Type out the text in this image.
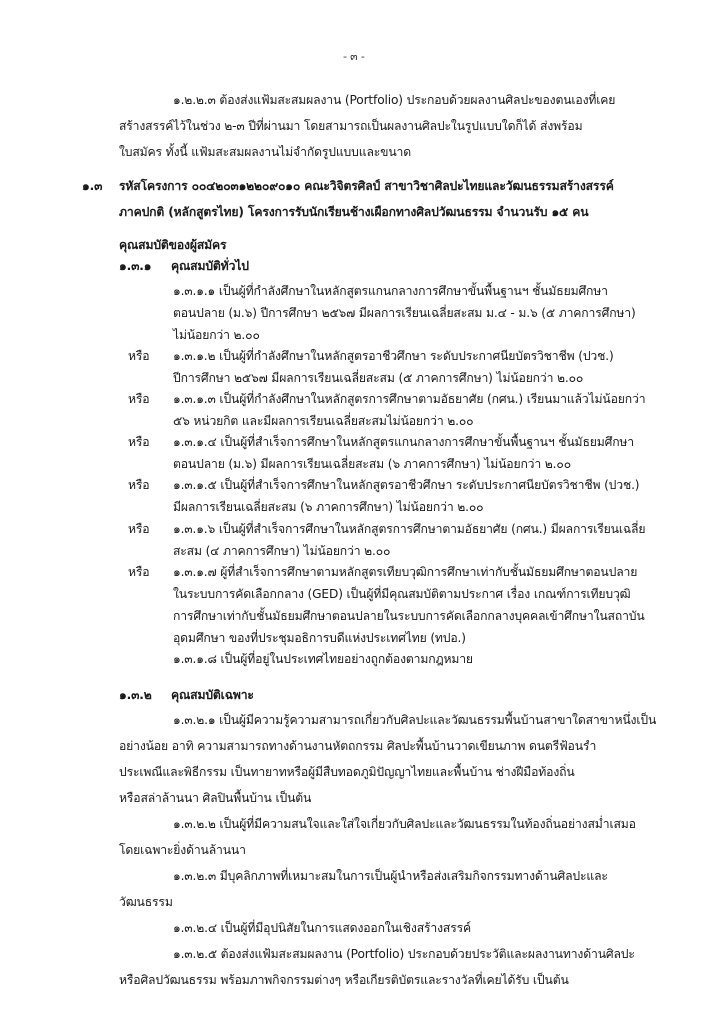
- ๓ -
๑.๒.๒.๓ ต้องส่งแฟ้มสะสมผลงาน (Portfolio) ประกอบด้วยผลงานศิลปะของตนเองที่เคย
สร้างสรรค์ไว้ในช่วง ๒-๓ ปีที่ผ่านมา โดยสามารถเป็นผลงานศิลปะในรูปแบบใดก็ได้ ส่งพร้อม
ใบสมัคร ทั้งนี้ แฟ้มสะสมผลงานไม่จำกัดรูปแบบและขนาด
๑.๓ รหัสโครงการ ๐๐๔๒๐๓๑๒๒๐๙๐๑๐ คณะวิจิตรศิลป์ สาขาวิชาศิลปะไทยและวัฒนธรรมสร้างสรรค์
ภาคปกติ (หลักสูตรไทย) โครงการรับนักเรียนช้างเผือกทางศิลปวัฒนธรรม จำนวนรับ ๑๕ คน
คุณสมบัติของผู้สมัคร
๑.๓.๑ คุณสมบัติทั่วไป
๑.๓.๑.๑ เป็นผู้ที่กำลังศึกษาในหลักสูตรแกนกลางการศึกษาขั้นพื้นฐานฯ ชั้นมัธยมศึกษา
ตอนปลาย (ม.๖) ปีการศึกษา ๒๕๖๗ มีผลการเรียนเฉลี่ยสะสม ม.๔ - ม.๖ (๕ ภาคการศึกษา)
ไม่น้อยกว่า ๒.๐๐
หรือ ๑.๓.๑.๒ เป็นผู้ที่กำลังศึกษาในหลักสูตรอาชีวศึกษา ระดับประกาศนียบัตรวิชาชีพ (ปวช.)
ปีการศึกษา ๒๕๖๗ มีผลการเรียนเฉลี่ยสะสม (๕ ภาคการศึกษา) ไม่น้อยกว่า ๒.๐๐
หรือ ๑.๓.๑.๓ เป็นผู้ที่กำลังศึกษาในหลักสูตรการศึกษาตามอัธยาศัย (กศน.) เรียนมาแล้วไม่น้อยกว่า
๕๖ หน่วยกิต และมีผลการเรียนเฉลี่ยสะสมไม่น้อยกว่า ๒.๐๐
หรือ ๑.๓.๑.๔ เป็นผู้ที่สำเร็จการศึกษาในหลักสูตรแกนกลางการศึกษาขั้นพื้นฐานฯ ชั้นมัธยมศึกษา
ตอนปลาย (ม.๖) มีผลการเรียนเฉลี่ยสะสม (๖ ภาคการศึกษา) ไม่น้อยกว่า ๒.๐๐
หรือ ๑.๓.๑.๕ เป็นผู้ที่สำเร็จการศึกษาในหลักสูตรอาชีวศึกษา ระดับประกาศนียบัตรวิชาชีพ (ปวช.)
มีผลการเรียนเฉลี่ยสะสม (๖ ภาคการศึกษา) ไม่น้อยกว่า ๒.๐๐
หรือ ๑.๓.๑.๖ เป็นผู้ที่สำเร็จการศึกษาในหลักสูตรการศึกษาตามอัธยาศัย (กศน.) มีผลการเรียนเฉลี่ย
สะสม (๔ ภาคการศึกษา) ไม่น้อยกว่า ๒.๐๐
หรือ ๑.๓.๑.๗ ผู้ที่สำเร็จการศึกษาตามหลักสูตรเทียบวุฒิการศึกษาเท่ากับชั้นมัธยมศึกษาตอนปลาย
ในระบบการคัดเลือกกลาง (GED) เป็นผู้ที่มีคุณสมบัติตามประกาศ เรื่อง เกณฑ์การเทียบวุฒิ
การศึกษาเท่ากับชั้นมัธยมศึกษาตอนปลายในระบบการคัดเลือกกลางบุคคลเข้าศึกษาในสถาบัน
อุดมศึกษา ของที่ประชุมอธิการบดีแห่งประเทศไทย (ทปอ.)
๑.๓.๑.๘ เป็นผู้ที่อยู่ในประเทศไทยอย่างถูกต้องตามกฎหมาย
๑.๓.๒ คุณสมบัติเฉพาะ
๑.๓.๒.๑ เป็นผู้มีความรู้ความสามารถเกี่ยวกับศิลปะและวัฒนธรรมพื้นบ้านสาขาใดสาขาหนึ่งเป็น
อย่างน้อย อาทิ ความสามารถทางด้านงานหัตถกรรม ศิลปะพื้นบ้านวาดเขียนภาพ ดนตรีฟ้อนรำ
ประเพณีและพิธีกรรม เป็นทายาทหรือผู้มีสืบทอดภูมิปัญญาไทยและพื้นบ้าน ช่างฝีมือท้องถิ่น
หรือสล่าล้านนา ศิลปินพื้นบ้าน เป็นต้น
๑.๓.๒.๒ เป็นผู้ที่มีความสนใจและใส่ใจเกี่ยวกับศิลปะและวัฒนธรรมในท้องถิ่นอย่างสม่ำเสมอ
โดยเฉพาะยิ่งด้านล้านนา
๑.๓.๒.๓ มีบุคลิกภาพที่เหมาะสมในการเป็นผู้นำหรือส่งเสริมกิจกรรมทางด้านศิลปะและ
วัฒนธรรม
๑.๓.๒.๔ เป็นผู้ที่มีอุปนิสัยในการแสดงออกในเชิงสร้างสรรค์
๑.๓.๒.๕ ต้องส่งแฟ้มสะสมผลงาน (Portfolio) ประกอบด้วยประวัติและผลงานทางด้านศิลปะ
หรือศิลปวัฒนธรรม พร้อมภาพกิจกรรมต่างๆ หรือเกียรติบัตรและรางวัลที่เคยได้รับ เป็นต้น
